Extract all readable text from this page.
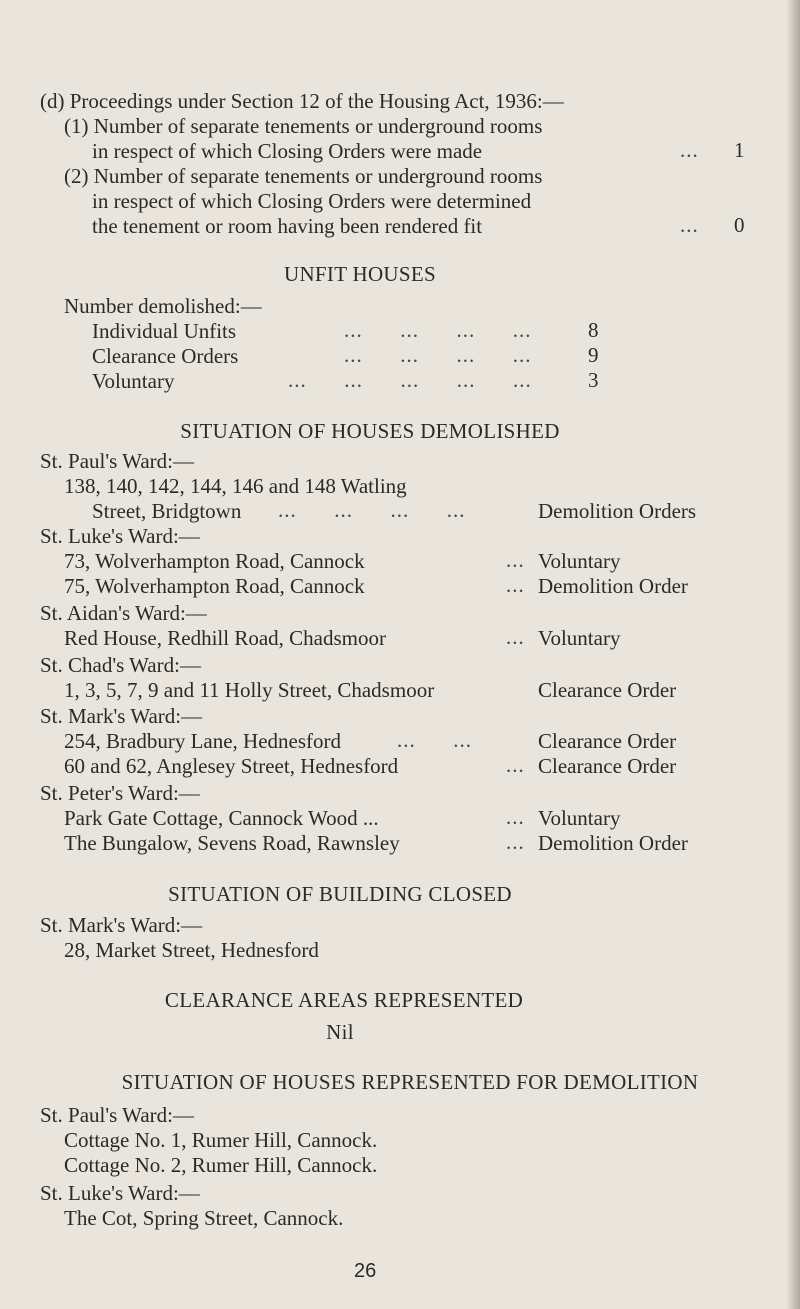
(d) Proceedings under Section 12 of the Housing Act, 1936:—
(1) Number of separate tenements or underground rooms
in respect of which Closing Orders were made	... 1
(2) Number of separate tenements or underground rooms
in respect of which Closing Orders were determined
the tenement or room having been rendered fit	... 0
UNFIT HOUSES
Number demolished:—
Individual Unfits	...      ...      ...      ...	8
Clearance Orders	...      ...      ...      ...	9
Voluntary	...      ...      ...      ...      ...	3
SITUATION OF HOUSES DEMOLISHED
St. Paul's Ward:—
138, 140, 142, 144, 146 and 148 Watling
Street, Bridgtown ...      ...      ...      ...	Demolition Orders
St. Luke's Ward:—
73, Wolverhampton Road, Cannock	... Voluntary
75, Wolverhampton Road, Cannock	... Demolition Order
St. Aidan's Ward:—
Red House, Redhill Road, Chadsmoor	... Voluntary
St. Chad's Ward:—
1, 3, 5, 7, 9 and 11 Holly Street, Chadsmoor	Clearance Order
St. Mark's Ward:—
254, Bradbury Lane, Hednesford	...      ...	Clearance Order
60 and 62, Anglesey Street, Hednesford	... Clearance Order
St. Peter's Ward:—
Park Gate Cottage, Cannock Wood ...	... Voluntary
The Bungalow, Sevens Road, Rawnsley	... Demolition Order
SITUATION OF BUILDING CLOSED
St. Mark's Ward:—
28, Market Street, Hednesford
CLEARANCE AREAS REPRESENTED
Nil
SITUATION OF HOUSES REPRESENTED FOR DEMOLITION
St. Paul's Ward:—
Cottage No. 1, Rumer Hill, Cannock.
Cottage No. 2, Rumer Hill, Cannock.
St. Luke's Ward:—
The Cot, Spring Street, Cannock.
26
